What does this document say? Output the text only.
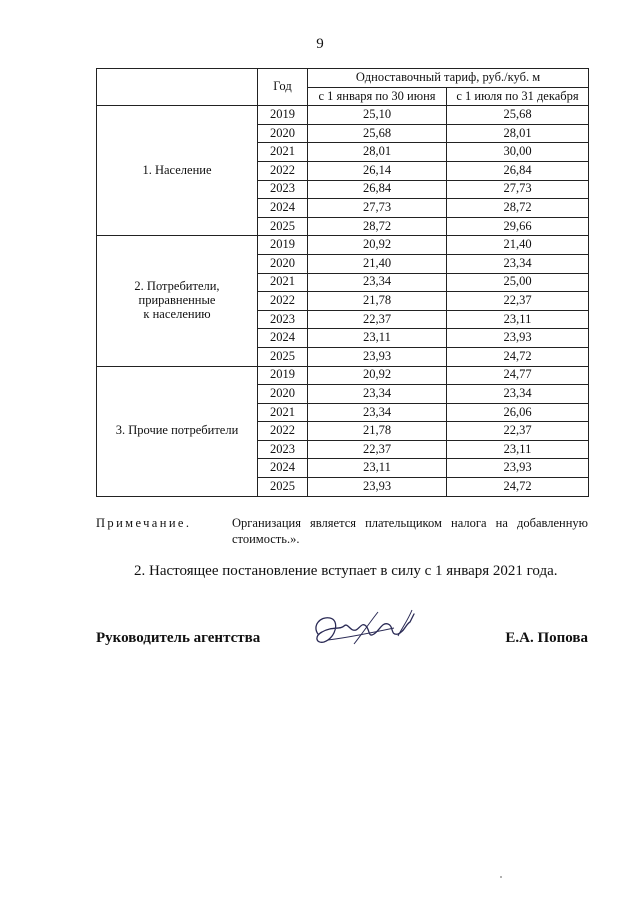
9
	Год	Одноставочный тариф, руб./куб. м	
		с 1 января по 30 июня	с 1 июля по 31 декабря
1. Население	2019	25,10	25,68
	2020	25,68	28,01
	2021	28,01	30,00
	2022	26,14	26,84
	2023	26,84	27,73
	2024	27,73	28,72
	2025	28,72	29,66
2. Потребители,
приравненные
к населению	2019	20,92	21,40
	2020	21,40	23,34
	2021	23,34	25,00
	2022	21,78	22,37
	2023	22,37	23,11
	2024	23,11	23,93
	2025	23,93	24,72
3. Прочие потребители	2019	20,92	24,77
	2020	23,34	23,34
	2021	23,34	26,06
	2022	21,78	22,37
	2023	22,37	23,11
	2024	23,11	23,93
	2025	23,93	24,72
Примечание.	Организация является плательщиком налога на добавленную стоимость.».
2. Настоящее постановление вступает в силу с 1 января 2021 года.
Руководитель агентства	Е.А. Попова
